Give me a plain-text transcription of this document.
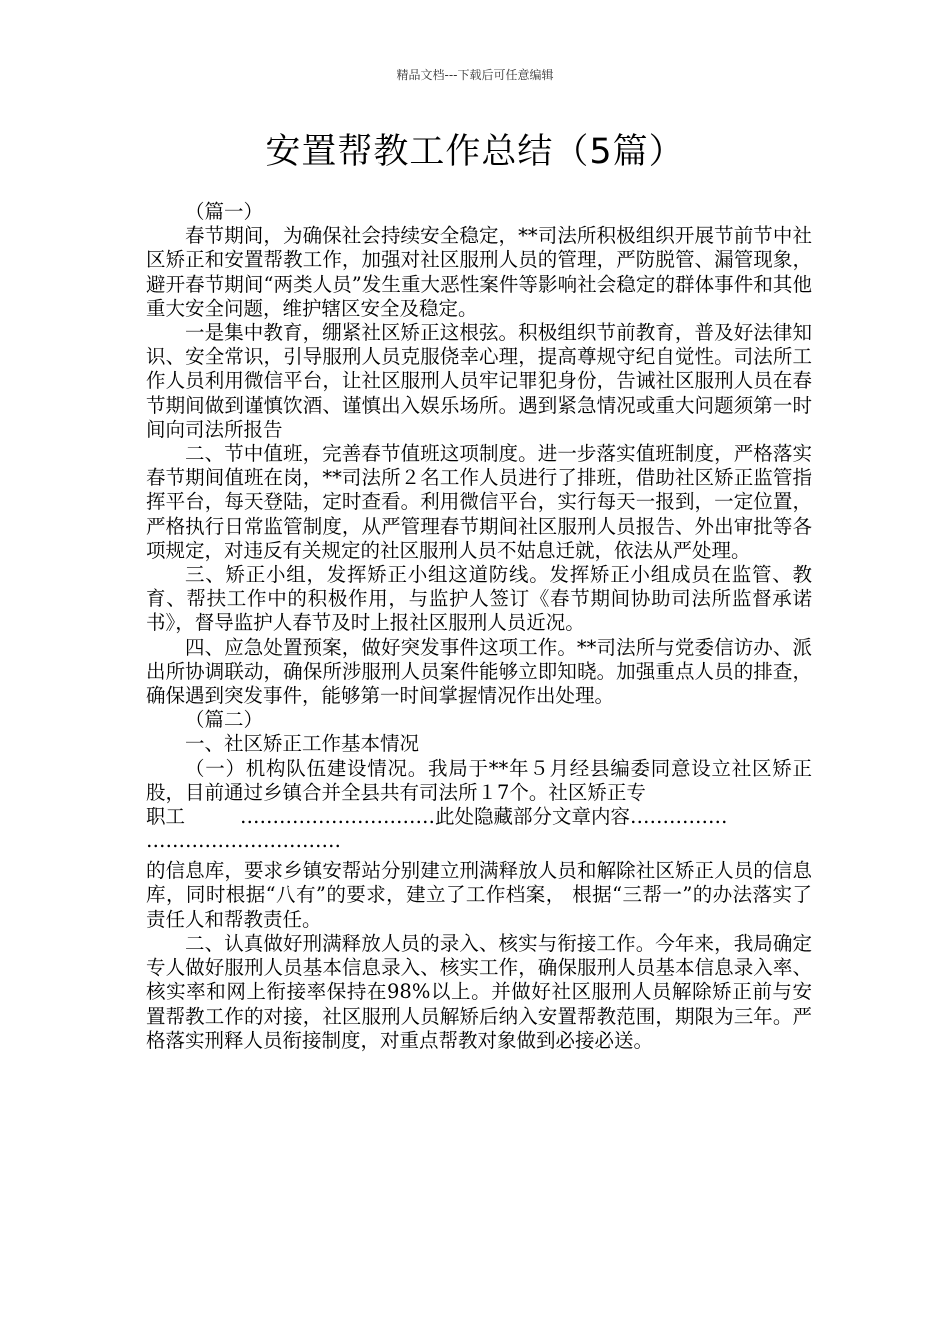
精品文档---下载后可任意编辑
安置帮教工作总结（5篇）

（篇一）

春节期间，为确保社会持续安全稳定，**司法所积极组织开展节前节中社区矫正和安置帮教工作，加强对社区服刑人员的管理，严防脱管、漏管现象，避开春节期间“两类人员”发生重大恶性案件等影响社会稳定的群体事件和其他重大安全问题，维护辖区安全及稳定。

一是集中教育，绷紧社区矫正这根弦。积极组织节前教育，普及好法律知识、安全常识，引导服刑人员克服侥幸心理，提高尊规守纪自觉性。司法所工作人员利用微信平台，让社区服刑人员牢记罪犯身份，告诫社区服刑人员在春节期间做到谨慎饮酒、谨慎出入娱乐场所。遇到紧急情况或重大问题须第一时间向司法所报告

二、节中值班，完善春节值班这项制度。进一步落实值班制度，严格落实春节期间值班在岗，**司法所２名工作人员进行了排班，借助社区矫正监管指挥平台，每天登陆，定时查看。利用微信平台，实行每天一报到，一定位置，严格执行日常监管制度，从严管理春节期间社区服刑人员报告、外出审批等各项规定，对违反有关规定的社区服刑人员不姑息迁就，依法从严处理。

三、矫正小组，发挥矫正小组这道防线。发挥矫正小组成员在监管、教育、帮扶工作中的积极作用，与监护人签订《春节期间协助司法所监督承诺书》，督导监护人春节及时上报社区服刑人员近况。

四、应急处置预案，做好突发事件这项工作。**司法所与党委信访办、派出所协调联动，确保所涉服刑人员案件能够立即知晓。加强重点人员的排查，确保遇到突发事件，能够第一时间掌握情况作出处理。

（篇二）

一、社区矫正工作基本情况

（一）机构队伍建设情况。我局于**年５月经县编委同意设立社区矫正股，目前通过乡镇合并全县共有司法所１7个。社区矫正专

职工	…………………………此处隐藏部分文章内容……………

…………………………

的信息库，要求乡镇安帮站分别建立刑满释放人员和解除社区矫正人员的信息库，同时根据“八有”的要求，建立了工作档案， 根据“三帮一”的办法落实了责任人和帮教责任。

二、认真做好刑满释放人员的录入、核实与衔接工作。今年来，我局确定专人做好服刑人员基本信息录入、核实工作，确保服刑人员基本信息录入率、核实率和网上衔接率保持在98%以上。并做好社区服刑人员解除矫正前与安置帮教工作的对接，社区服刑人员解矫后纳入安置帮教范围，期限为三年。严格落实刑释人员衔接制度，对重点帮教对象做到必接必送。
